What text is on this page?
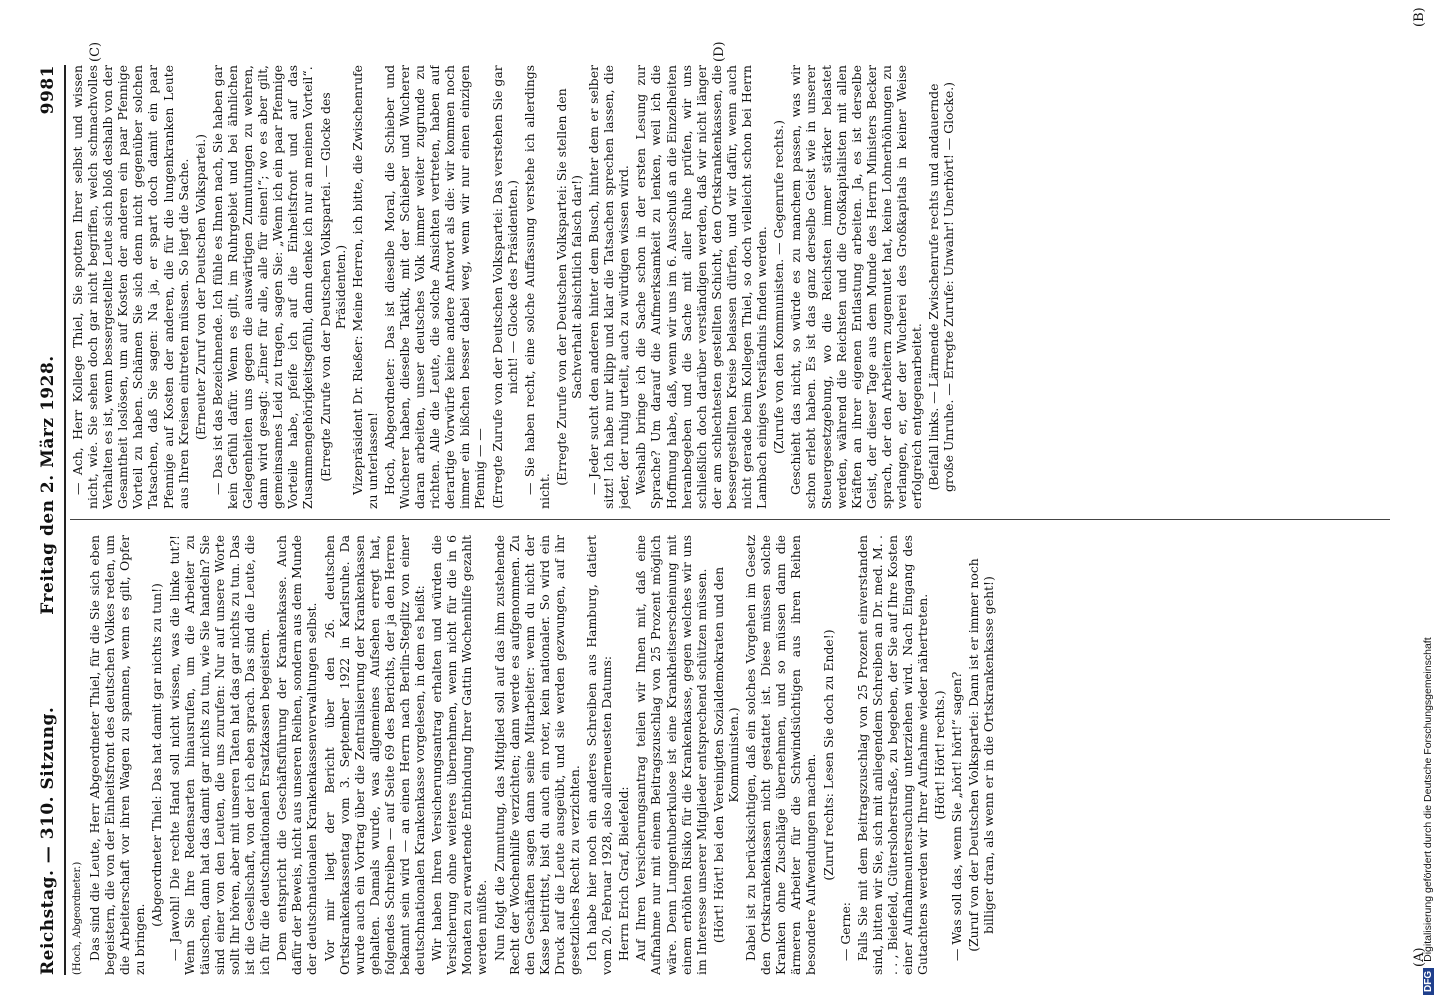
Reichstag. — 310. Sitzung.
Freitag den 2. März 1928.
9981

(Hoch, Abgeordneter.) Das sind die Leute, Herr Abgeordneter Thiel, für die Sie sich eben begeistern, die von der Einheitsfront des deutschen Volkes reden, um die Arbeiterschaft vor ihren Wagen zu spannen, wenn es gilt, Opfer zu bringen.

(Abgeordneter Thiel: Das hat damit gar nichts zu tun!) — Jawohl! Die rechte Hand soll nicht wissen, was die linke tut?! Wenn Sie Ihre Redensarten hinausrufen, um die Arbeiter zu täuschen, dann hat das damit gar nichts zu tun, wie Sie handeln? Sie sind einer von den Leuten, die uns zurufen: Nur auf unsere Worte sollt Ihr hören, aber mit unseren Taten hat das gar nichts zu tun. Das ist die Gesellschaft, von der ich eben sprach. Das sind die Leute, die ich für die deutschnationalen Ersatzkassen begeistern. Dem entspricht die Geschäftsführung der Krankenkasse. Auch dafür der Beweis, nicht aus unseren Reihen, sondern aus dem Munde der deutschnationalen Krankenkassenverwaltungen selbst. Vor mir liegt der Bericht über den 26. deutschen Ortskrankenkassentag vom 3. September 1922 in Karlsruhe. Da wurde auch ein Vortrag über die Zentralisierung der Krankenkassen gehalten. Damals wurde, was allgemeines Aufsehen erregt hat, folgendes Schreiben — auf Seite 69 des Berichts, der ja den Herren bekannt sein wird — an einen Herrn nach Berlin-Steglitz von einer deutschnationalen Krankenkasse vorgelesen, in dem es heißt: Wir haben Ihren Versicherungsantrag erhalten und würden die Versicherung ohne weiteres übernehmen, wenn nicht für die in 6 Monaten zu erwartende Entbindung Ihrer Gattin Wochenhilfe gezahlt werden müßte. Nun folgt die Zumutung, das Mitglied soll auf das ihm zustehende Recht der Wochenhilfe verzichten; dann werde es aufgenommen. Zu den Geschäften sagen dann seine Mitarbeiter: wenn du nicht der Kasse beitrittst, bist du auch ein roter, kein nationaler. So wird ein Druck auf die Leute ausgeübt, und sie werden gezwungen, auf ihr gesetzliches Recht zu verzichten. Ich habe hier noch ein anderes Schreiben aus Hamburg, datiert vom 20. Februar 1928, also allerneuesten Datums: Herrn Erich Graf, Bielefeld: Auf Ihren Versicherungsantrag teilen wir Ihnen mit, daß eine Aufnahme nur mit einem Beitragszuschlag von 25 Prozent möglich wäre. Denn Lungentuberkulose ist eine Krankheitserscheinung mit einem erhöhten Risiko für die Krankenkasse, gegen welches wir uns im Interesse unserer Mitglieder entsprechend schützen müssen. (Hört! Hört! bei den Vereinigten Sozialdemokraten und den Kommunisten.) Dabei ist zu berücksichtigen, daß ein solches Vorgehen im Gesetz den Ortskrankenkassen nicht gestattet ist. Diese müssen solche Kranken ohne Zuschläge übernehmen, und so müssen dann die ärmeren Arbeiter für die Schwindsüchtigen aus ihren Reihen besondere Aufwendungen machen. (Zuruf rechts: Lesen Sie doch zu Ende!)

— Gerne: Falls Sie mit dem Beitragszuschlag von 25 Prozent einverstanden sind, bitten wir Sie, sich mit anliegendem Schreiben an Dr. med. M. . . . , Bielefeld, Gütersloherstraße, zu begeben, der Sie auf Ihre Kosten einer Aufnahmeuntersuchung unterziehen wird. Nach Eingang des Gutachtens werden wir Ihrer Aufnahme wieder nähertreten. (Hört! Hört! rechts.) — Was soll das, wenn Sie „hört! hört!“ sagen? (Zuruf von der Deutschen Volkspartei: Dann ist er immer noch billiger dran, als wenn er in die Ortskrankenkasse geht!)

— Ach, Herr Kollege Thiel, Sie spotten Ihrer selbst und wissen nicht, wie. Sie sehen doch gar nicht begriffen, welch schmachvolles Verhalten es ist, wenn bessergestellte Leute sich bloß deshalb von der Gesamtheit loslösen, um auf Kosten der anderen ein paar Pfennige Vorteil zu haben. Schämen Sie sich denn nicht gegenüber solchen Tatsachen, daß Sie sagen: Na ja, er spart doch damit ein paar Pfennige auf Kosten der anderen, die für die lungenkranken Leute aus Ihren Kreisen eintreten müssen. So liegt die Sache. (Erneuter Zuruf von der Deutschen Volkspartei.) — Das ist das Bezeichnende. Ich fühle es Ihnen nach, Sie haben gar kein Gefühl dafür. Wenn es gilt, im Ruhrgebiet und bei ähnlichen Gelegenheiten uns gegen die auswärtigen Zumutungen zu wehren, dann wird gesagt: „Einer für alle, alle für einen!“; wo es aber gilt, gemeinsames Leid zu tragen, sagen Sie: „Wenn ich ein paar Pfennige Vorteile habe, pfeife ich auf die Einheitsfront und auf das Zusammengehörigkeitsgefühl, dann denke ich nur an meinen Vorteil“. (Erregte Zurufe von der Deutschen Volkspartei. — Glocke des Präsidenten.) Vizepräsident Dr. Rießer: Meine Herren, ich bitte, die Zwischenrufe zu unterlassen! Hoch, Abgeordneter: Das ist dieselbe Moral, die Schieber und Wucherer haben, dieselbe Taktik, mit der Schieber und Wucherer daran arbeiten, unser deutsches Volk immer weiter zugrunde zu richten. Alle die Leute, die solche Ansichten vertreten, haben auf derartige Vorwürfe keine andere Antwort als die: wir kommen noch immer ein bißchen besser dabei weg, wenn wir nur einen einzigen Pfennig — — (Erregte Zurufe von der Deutschen Volkspartei: Das verstehen Sie gar nicht! — Glocke des Präsidenten.) — Sie haben recht, eine solche Auffassung verstehe ich allerdings nicht.

(Erregte Zurufe von der Deutschen Volkspartei: Sie stellen den Sachverhalt absichtlich falsch dar!) — Jeder sucht den anderen hinter dem Busch, hinter dem er selber sitzt! Ich habe nur klipp und klar die Tatsachen sprechen lassen, die jeder, der ruhig urteilt, auch zu würdigen wissen wird. Weshalb bringe ich die Sache schon in der ersten Lesung zur Sprache? Um darauf die Aufmerksamkeit zu lenken, weil ich die Hoffnung habe, daß, wenn wir uns im 6. Ausschuß an die Einzelheiten heranbegeben und die Sache mit aller Ruhe prüfen, wir uns schließlich doch darüber verständigen werden, daß wir nicht länger der am schlechtesten gestellten Schicht, den Ortskrankenkassen, die bessergestellten Kreise belassen dürfen, und wir dafür, wenn auch nicht gerade beim Kollegen Thiel, so doch vielleicht schon bei Herrn Lambach einiges Verständnis finden werden. (Zurufe von den Kommunisten. — Gegenrufe rechts.) Geschieht das nicht, so würde es zu manchem passen, was wir schon erlebt haben. Es ist das ganz derselbe Geist wie in unserer Steuergesetzgebung, wo die Reichsten immer stärker belastet werden, während die Reichsten und die Großkapitalisten mit allen Kräften an ihrer eigenen Entlastung arbeiten. Ja, es ist derselbe Geist, der dieser Tage aus dem Munde des Herrn Ministers Becker sprach, der den Arbeitern zugemutet hat, keine Lohnerhöhungen zu verlangen, er, der der Wucherei des Großkapitals in keiner Weise erfolgreich entgegenarbeitet. (Beifall links. — Lärmende Zwischenrufe rechts und andauernde große Unruhe. — Erregte Zurufe: Unwahr! Unerhört! — Glocke.)

(A)
(B)
(C)	(D)
DFGDigitalisierung gefördert durch die Deutsche Forschungsgemeinschaft
